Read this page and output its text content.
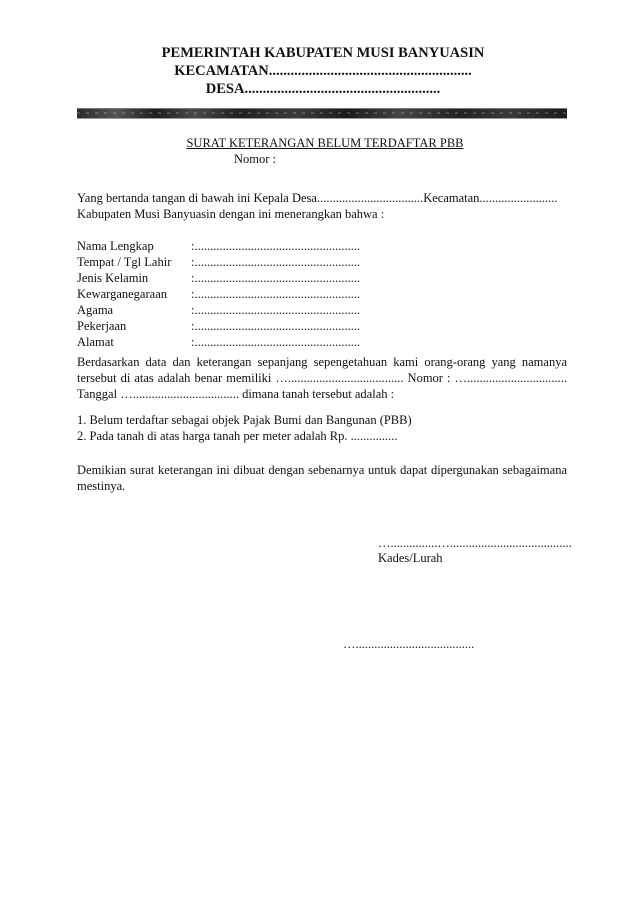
PEMERINTAH KABUPATEN MUSI BANYUASIN
KECAMATAN........................................................
DESA......................................................
SURAT KETERANGAN BELUM TERDAFTAR PBB
Nomor :
Yang bertanda tangan di bawah ini Kepala Desa..................................Kecamatan.........................
Kabupaten Musi Banyuasin dengan ini menerangkan bahwa :
Nama Lengkap	:.....................................................
Tempat / Tgl Lahir :.....................................................
Jenis Kelamin	:.....................................................
Kewarganegaraan :.....................................................
Agama	:.....................................................
Pekerjaan	:.....................................................
Alamat	:.....................................................
Berdasarkan data dan keterangan sepanjang sepengetahuan kami orang-orang yang namanya tersebut di atas adalah benar memiliki …..................................... Nomor : …................................ Tanggal ….................................. dimana tanah tersebut adalah :
1. Belum terdaftar sebagai objek Pajak Bumi dan Bangunan (PBB)
2. Pada tanah di atas harga tanah per meter adalah Rp. ...............
Demikian surat keterangan ini dibuat dengan sebenarnya untuk dapat dipergunakan sebagaimana mestinya.
…...............….......................................
Kades/Lurah
…......................................
